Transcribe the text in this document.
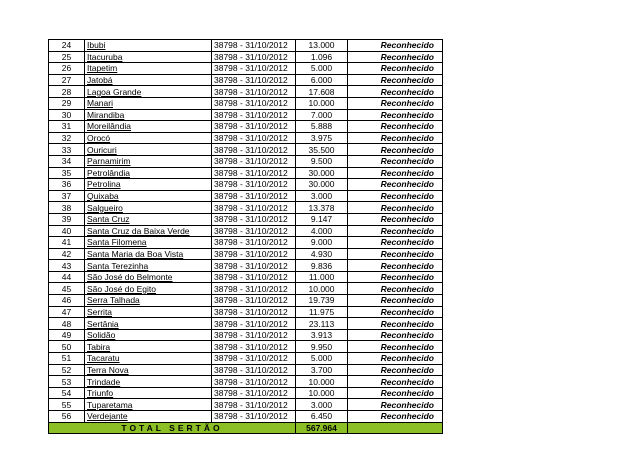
24	Ibubi	38798 - 31/10/2012	13.000	Reconhecido
25	Itacuruba	38798 - 31/10/2012	1.096	Reconhecido
26	Itapetim	38798 - 31/10/2012	5.000	Reconhecido
27	Jatobá	38798 - 31/10/2012	6.000	Reconhecido
28	Lagoa Grande	38798 - 31/10/2012	17.608	Reconhecido
29	Manari	38798 - 31/10/2012	10.000	Reconhecido
30	Mirandiba	38798 - 31/10/2012	7.000	Reconhecido
31	Moreilândia	38798 - 31/10/2012	5.888	Reconhecido
32	Orocó	38798 - 31/10/2012	3.975	Reconhecido
33	Ouricuri	38798 - 31/10/2012	35.500	Reconhecido
34	Parnamirim	38798 - 31/10/2012	9.500	Reconhecido
35	Petrolândia	38798 - 31/10/2012	30.000	Reconhecido
36	Petrolina	38798 - 31/10/2012	30.000	Reconhecido
37	Quixaba	38798 - 31/10/2012	3.000	Reconhecido
38	Salgueiro	38798 - 31/10/2012	13.378	Reconhecido
39	Santa Cruz	38798 - 31/10/2012	9.147	Reconhecido
40	Santa Cruz da Baixa Verde	38798 - 31/10/2012	4.000	Reconhecido
41	Santa Filomena	38798 - 31/10/2012	9.000	Reconhecido
42	Santa Maria da Boa Vista	38798 - 31/10/2012	4.930	Reconhecido
43	Santa Terezinha	38798 - 31/10/2012	9.836	Reconhecido
44	São José do Belmonte	38798 - 31/10/2012	11.000	Reconhecido
45	São José do Egito	38798 - 31/10/2012	10.000	Reconhecido
46	Serra Talhada	38798 - 31/10/2012	19.739	Reconhecido
47	Serrita	38798 - 31/10/2012	11.975	Reconhecido
48	Sertânia	38798 - 31/10/2012	23.113	Reconhecido
49	Solidão	38798 - 31/10/2012	3.913	Reconhecido
50	Tabira	38798 - 31/10/2012	9.950	Reconhecido
51	Tacaratu	38798 - 31/10/2012	5.000	Reconhecido
52	Terra Nova	38798 - 31/10/2012	3.700	Reconhecido
53	Trindade	38798 - 31/10/2012	10.000	Reconhecido
54	Triunfo	38798 - 31/10/2012	10.000	Reconhecido
55	Tuparetama	38798 - 31/10/2012	3.000	Reconhecido
56	Verdejante	38798 - 31/10/2012	6.450	Reconhecido
TOTAL SERTÃO			567.964	
